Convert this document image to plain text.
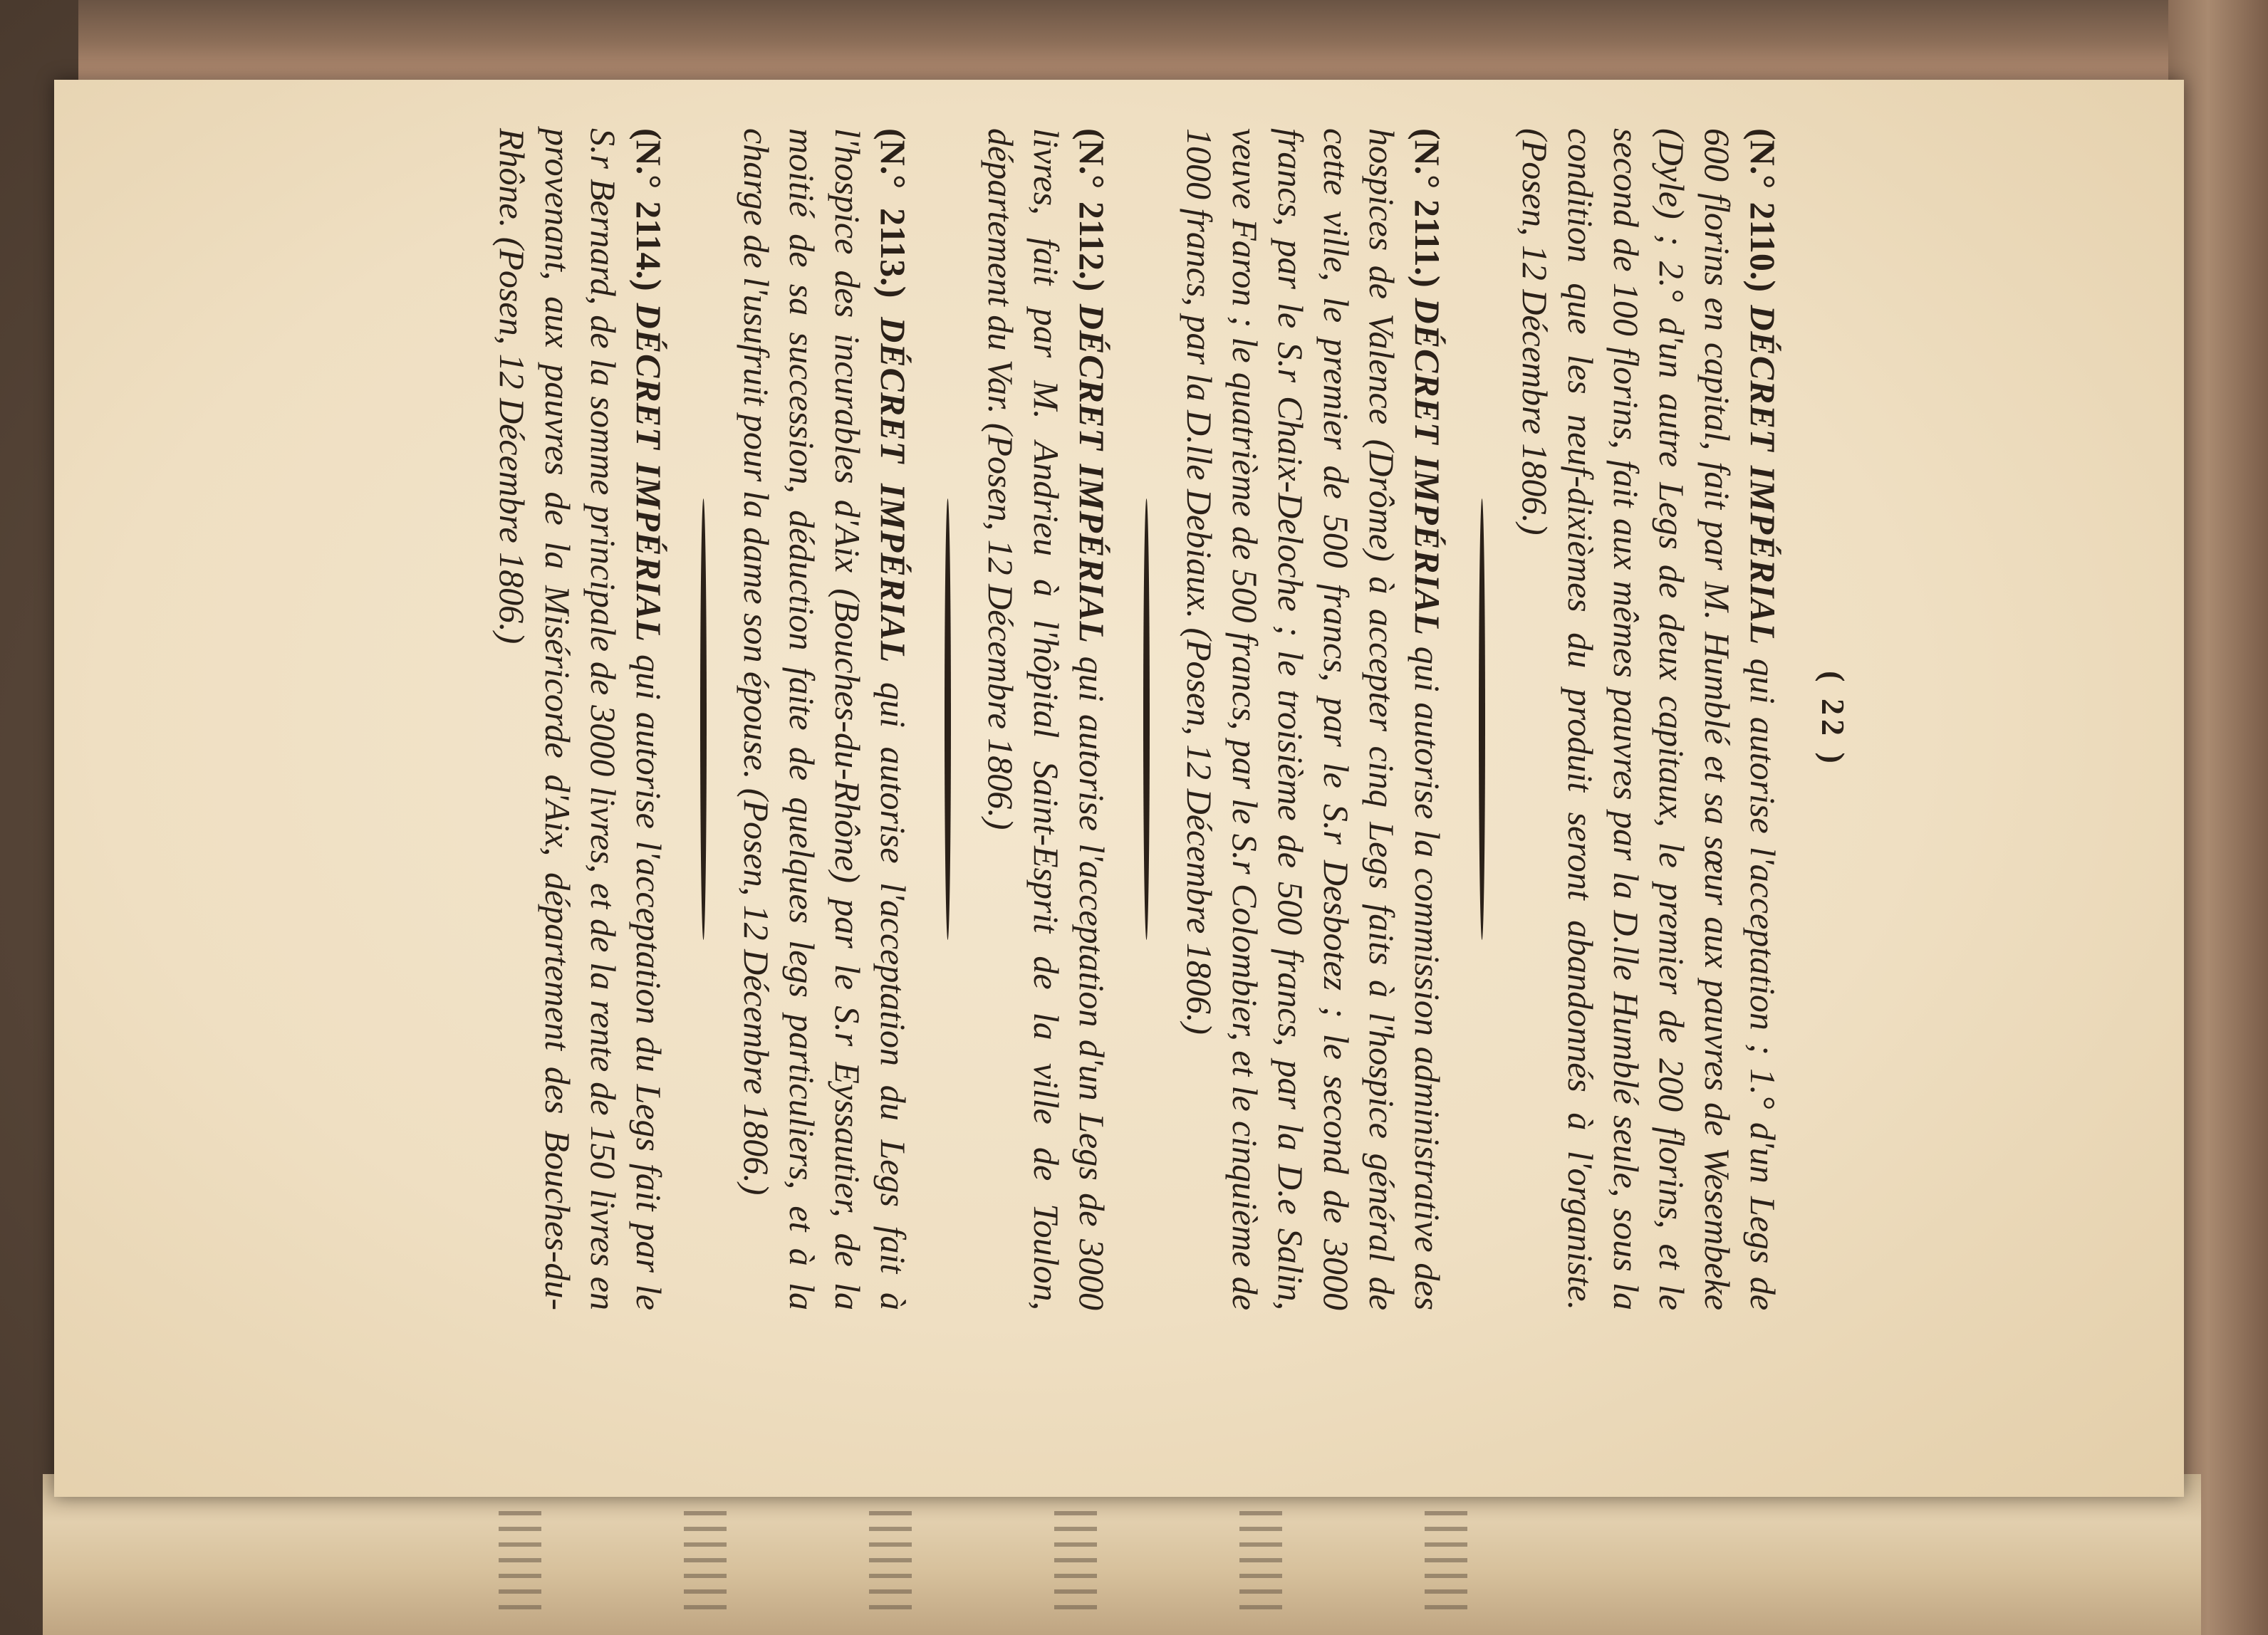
( 22 )

(N.° 2110.) DÉCRET IMPÉRIAL qui autorise l'acceptation ; 1.° d'un Legs de 600 florins en capital, fait par M. Humblé et sa sœur aux pauvres de Wesembeke (Dyle) ; 2.° d'un autre Legs de deux capitaux, le premier de 200 florins, et le second de 100 florins, fait aux mêmes pauvres par la D.lle Humblé seule, sous la condition que les neuf-dixièmes du produit seront abandonnés à l'organiste. (Posen, 12 Décembre 1806.)

(N.° 2111.) DÉCRET IMPÉRIAL qui autorise la commission administrative des hospices de Valence (Drôme) à accepter cinq Legs faits à l'hospice général de cette ville, le premier de 500 francs, par le S.r Desbotez ; le second de 3000 francs, par le S.r Chaix-Deloche ; le troisième de 500 francs, par la D.e Salin, veuve Faron ; le quatrième de 500 francs, par le S.r Colombier, et le cinquième de 1000 francs, par la D.lle Debiaux. (Posen, 12 Décembre 1806.)

(N.° 2112.) DÉCRET IMPÉRIAL qui autorise l'acceptation d'un Legs de 3000 livres, fait par M. Andrieu à l'hôpital Saint-Esprit de la ville de Toulon, département du Var. (Posen, 12 Décembre 1806.)

(N.° 2113.) DÉCRET IMPÉRIAL qui autorise l'acceptation du Legs fait à l'hospice des incurables d'Aix (Bouches-du-Rhône) par le S.r Eyssautier, de la moitié de sa succession, déduction faite de quelques legs particuliers, et à la charge de l'usufruit pour la dame son épouse. (Posen, 12 Décembre 1806.)

(N.° 2114.) DÉCRET IMPÉRIAL qui autorise l'acceptation du Legs fait par le S.r Bernard, de la somme principale de 3000 livres, et de la rente de 150 livres en provenant, aux pauvres de la Miséricorde d'Aix, département des Bouches-du-Rhône. (Posen, 12 Décembre 1806.)
